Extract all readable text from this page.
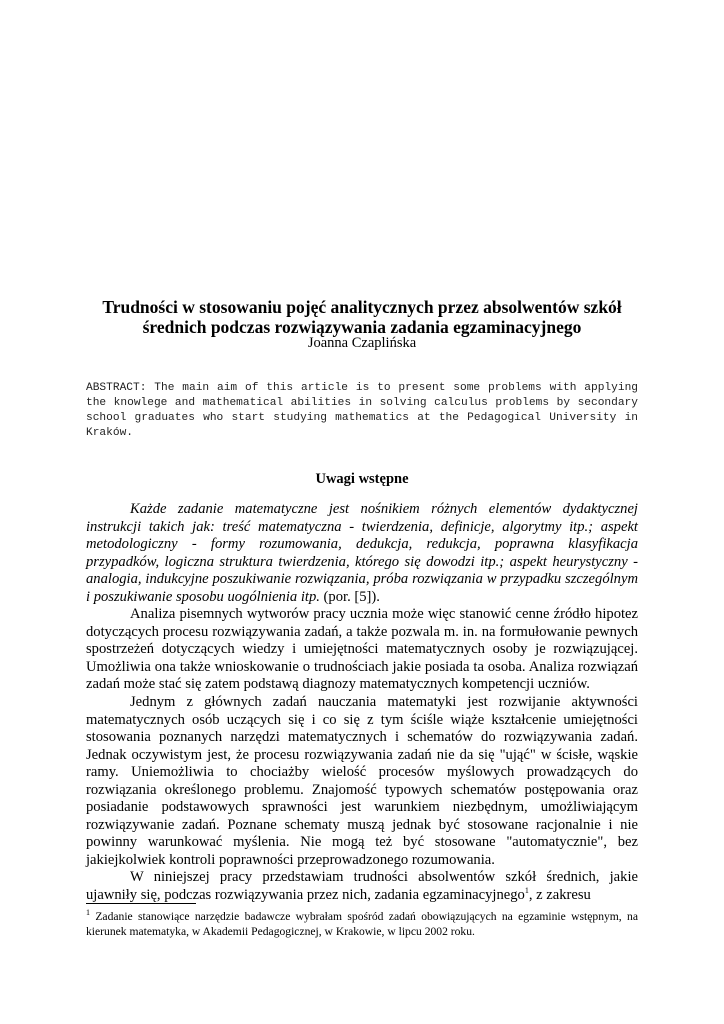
Trudności w stosowaniu pojęć analitycznych przez absolwentów szkół
średnich podczas rozwiązywania zadania egzaminacyjnego
Joanna Czaplińska
ABSTRACT: The main aim of this article is to present some problems with applying the knowlege and mathematical abilities in solving calculus problems by secondary school graduates who start studying mathematics at the Pedagogical University in Kraków.
Uwagi wstępne

Każde zadanie matematyczne jest nośnikiem różnych elementów dydaktycznej instrukcji takich jak: treść matematyczna - twierdzenia, definicje, algorytmy itp.; aspekt metodologiczny - formy rozumowania, dedukcja, redukcja, poprawna klasyfikacja przypadków, logiczna struktura twierdzenia, którego się dowodzi itp.; aspekt heurystyczny - analogia, indukcyjne poszukiwanie rozwiązania, próba rozwiązania w przypadku szczególnym i poszukiwanie sposobu uogólnienia itp. (por. [5]).

Analiza pisemnych wytworów pracy ucznia może więc stanowić cenne źródło hipotez dotyczących procesu rozwiązywania zadań, a także pozwala m. in. na formułowanie pewnych spostrzeżeń dotyczących wiedzy i umiejętności matematycznych osoby je rozwiązującej. Umożliwia ona także wnioskowanie o trudnościach jakie posiada ta osoba. Analiza rozwiązań zadań może stać się zatem podstawą diagnozy matematycznych kompetencji uczniów.

Jednym z głównych zadań nauczania matematyki jest rozwijanie aktywności matematycznych osób uczących się i co się z tym ściśle wiąże kształcenie umiejętności stosowania poznanych narzędzi matematycznych i schematów do rozwiązywania zadań. Jednak oczywistym jest, że procesu rozwiązywania zadań nie da się "ująć" w ścisłe, wąskie ramy. Uniemożliwia to chociażby wielość procesów myślowych prowadzących do rozwiązania określonego problemu. Znajomość typowych schematów postępowania oraz posiadanie podstawowych sprawności jest warunkiem niezbędnym, umożliwiającym rozwiązywanie zadań. Poznane schematy muszą jednak być stosowane racjonalnie i nie powinny warunkować myślenia. Nie mogą też być stosowane "automatycznie", bez jakiejkolwiek kontroli poprawności przeprowadzonego rozumowania.

W niniejszej pracy przedstawiam trudności absolwentów szkół średnich, jakie ujawniły się, podczas rozwiązywania przez nich, zadania egzaminacyjnego$^1$, z zakresu

$^1$ Zadanie stanowiące narzędzie badawcze wybrałam spośród zadań obowiązujących na egzaminie wstępnym, na kierunek matematyka, w Akademii Pedagogicznej, w Krakowie, w lipcu 2002 roku.
